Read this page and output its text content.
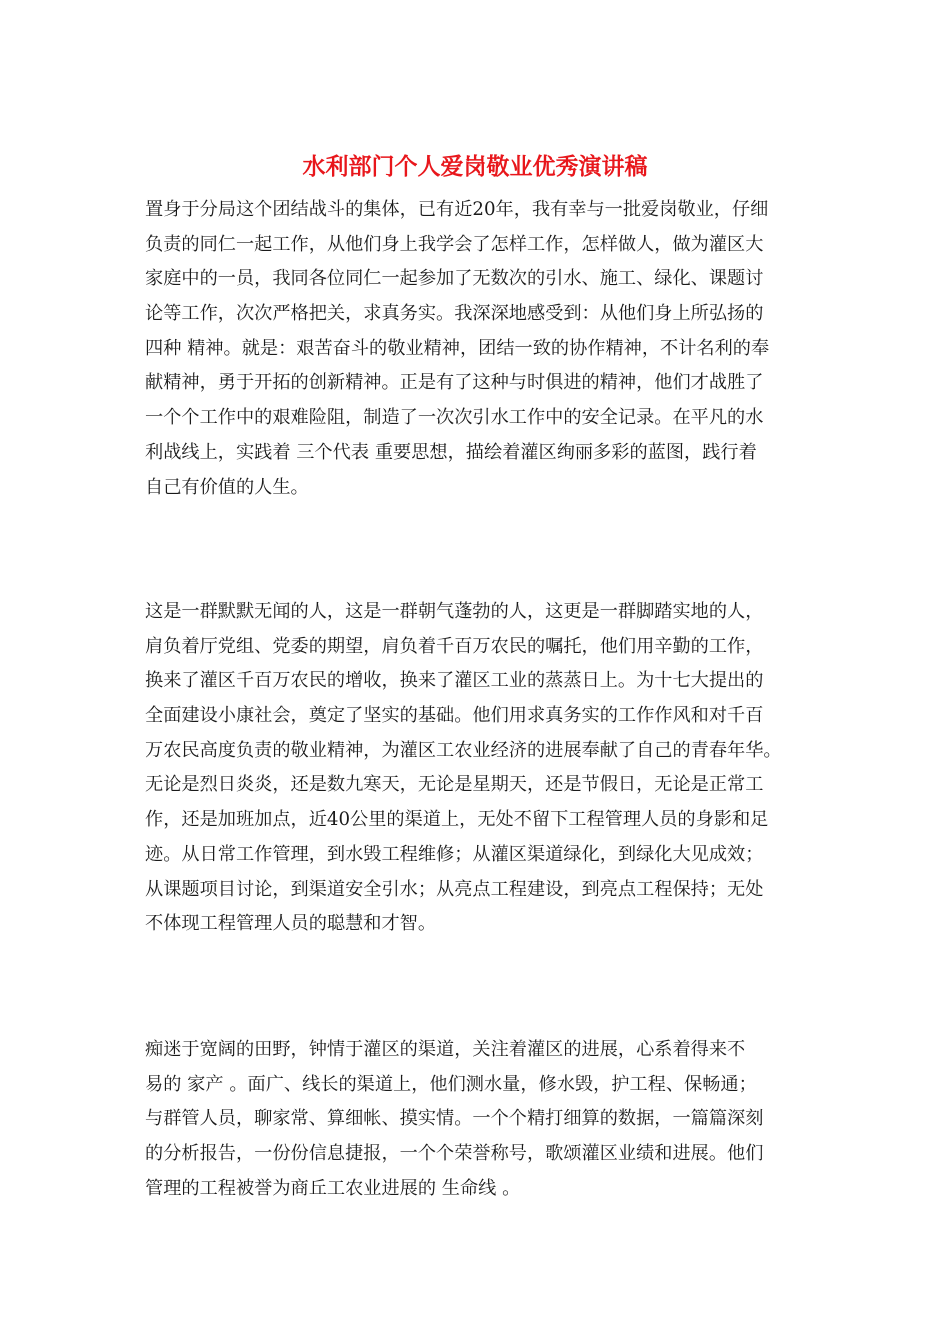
水利部门个人爱岗敬业优秀演讲稿
置身于分局这个团结战斗的集体，已有近20年，我有幸与一批爱岗敬业，仔细
负责的同仁一起工作，从他们身上我学会了怎样工作，怎样做人，做为灌区大
家庭中的一员，我同各位同仁一起参加了无数次的引水、施工、绿化、课题讨
论等工作，次次严格把关，求真务实。我深深地感受到：从他们身上所弘扬的
四种 精神。就是：艰苦奋斗的敬业精神，团结一致的协作精神，不计名利的奉
献精神，勇于开拓的创新精神。正是有了这种与时俱进的精神，他们才战胜了
一个个工作中的艰难险阻，制造了一次次引水工作中的安全记录。在平凡的水
利战线上，实践着 三个代表 重要思想，描绘着灌区绚丽多彩的蓝图，践行着
自己有价值的人生。
这是一群默默无闻的人，这是一群朝气蓬勃的人，这更是一群脚踏实地的人，
肩负着厅党组、党委的期望，肩负着千百万农民的嘱托，他们用辛勤的工作，
换来了灌区千百万农民的增收，换来了灌区工业的蒸蒸日上。为十七大提出的
全面建设小康社会，奠定了坚实的基础。他们用求真务实的工作作风和对千百
万农民高度负责的敬业精神，为灌区工农业经济的进展奉献了自己的青春年华。
无论是烈日炎炎，还是数九寒天，无论是星期天，还是节假日，无论是正常工
作，还是加班加点，近40公里的渠道上，无处不留下工程管理人员的身影和足
迹。从日常工作管理，到水毁工程维修；从灌区渠道绿化，到绿化大见成效；
从课题项目讨论，到渠道安全引水；从亮点工程建设，到亮点工程保持；无处
不体现工程管理人员的聪慧和才智。
痴迷于宽阔的田野，钟情于灌区的渠道，关注着灌区的进展，心系着得来不
易的 家产 。面广、线长的渠道上，他们测水量，修水毁，护工程、保畅通；
与群管人员，聊家常、算细帐、摸实情。一个个精打细算的数据，一篇篇深刻
的分析报告，一份份信息捷报，一个个荣誉称号，歌颂灌区业绩和进展。他们
管理的工程被誉为商丘工农业进展的 生命线 。
